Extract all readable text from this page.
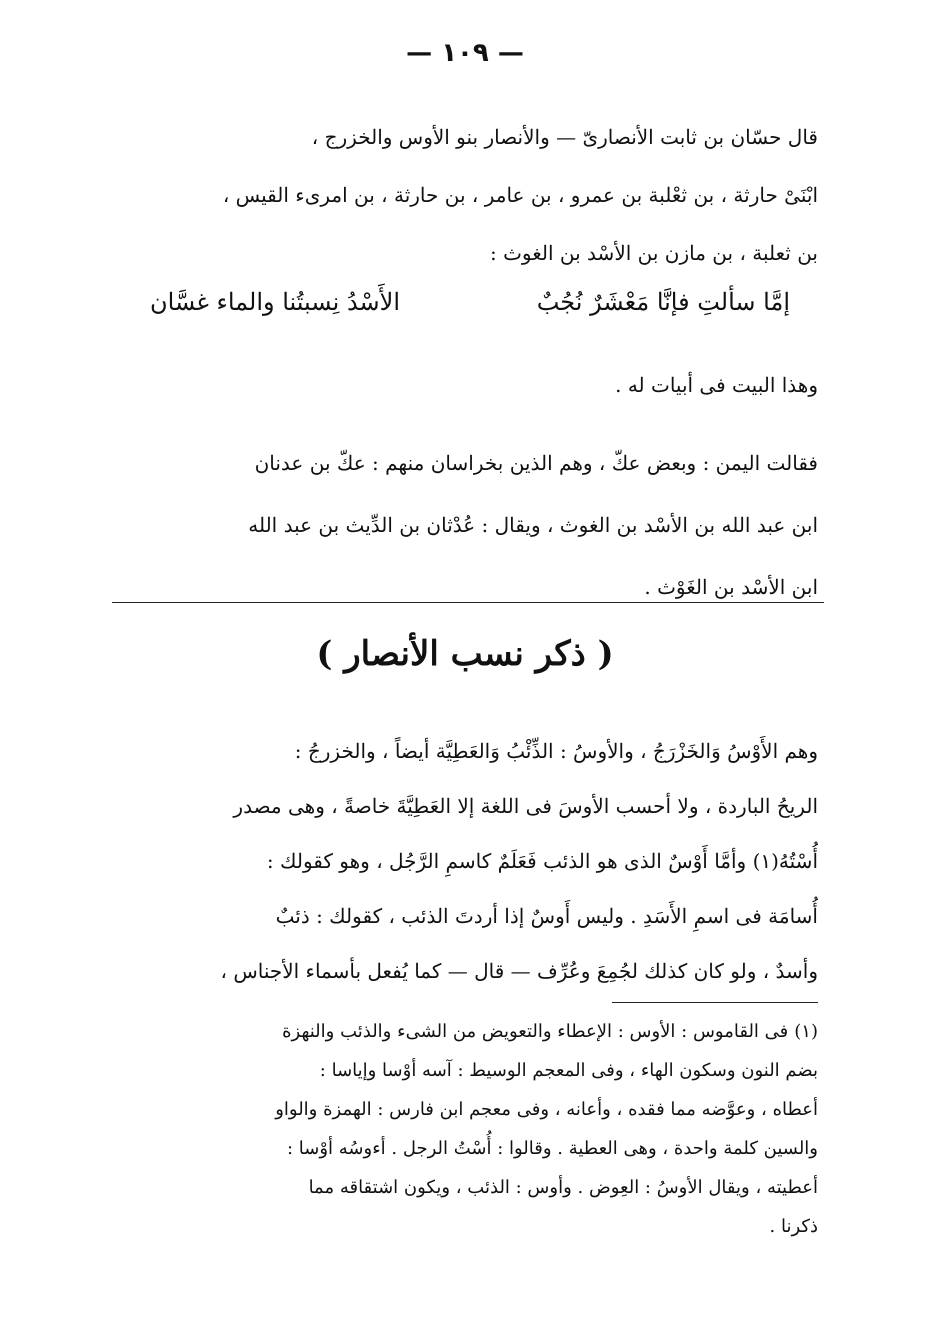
— ١٠٩ —
قال حسّان بن ثابت الأنصارىّ — والأنصار بنو الأوس والخزرج ،
ابْنَىْ حارثة ، بن ثعْلبة بن عمرو ، بن عامر ، بن حارثة ، بن امرىء القيس ،
بن ثعلبة ، بن مازن بن الأسْد بن الغوث :
إمَّا سألتِ فإنَّا مَعْشَرٌ نُجُبٌ
الأَسْدُ نِسبتُنا والماء غسَّان
وهذا البيت فى أبيات له .
فقالت اليمن : وبعض عكّ ، وهم الذين بخراسان منهم : عكّ بن عدنان
ابن عبد الله بن الأسْد بن الغوث ، ويقال : عُدْثان بن الدِّيث بن عبد الله
ابن الأسْد بن الغَوْث .
( ذكر نسب الأنصار )
وهم الأَوْسُ وَالخَزْرَجُ ، والأوسُ : الذِّئْبُ وَالعَطِيَّة أيضاً ، والخزرجُ :
الريحُ الباردة ، ولا أحسب الأوسَ فى اللغة إلا العَطِيَّةَ خاصةً ، وهى مصدر
أُسْتُهُ(١) وأمَّا أَوْسٌ الذى هو الذئب فَعَلَمٌ كاسمِ الرَّجُل ، وهو كقولك :
أُسامَة فى اسمِ الأَسَدِ . وليس أَوسٌ إذا أردتَ الذئب ، كقولك : ذئبٌ
وأسدٌ ، ولو كان كذلك لجُمِعَ وعُرِّف — قال — كما يُفعل بأسماء الأجناس ،
(١)فى القاموس : الأوس : الإعطاء والتعويض من الشىء والذئب والنهزة
بضم النون وسكون الهاء ، وفى المعجم الوسيط : آسه أوْسا وإياسا :
أعطاه ، وعوَّضه مما فقده ، وأعانه ، وفى معجم ابن فارس : الهمزة والواو
والسين كلمة واحدة ، وهى العطية . وقالوا : أُسْتُ الرجل . أءوسُه أوْسا :
أعطيته ، ويقال الأوسُ : العِوض . وأوس : الذئب ، ويكون اشتقاقه مما
ذكرنا .
